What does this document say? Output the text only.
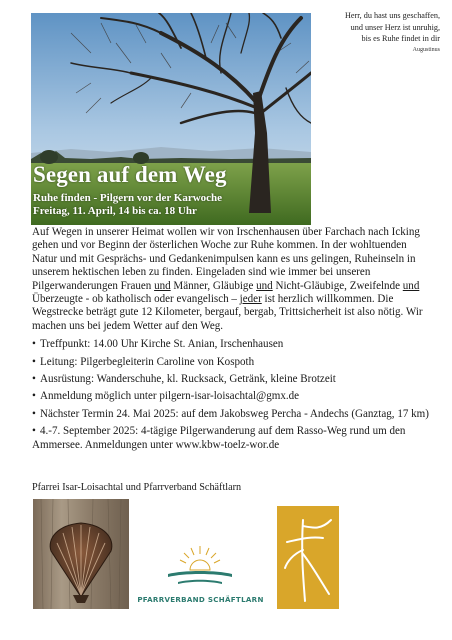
Herr, du hast uns geschaffen,
und unser Herz ist unruhig,
bis es Ruhe findet in dir
Augustinus
Segen auf dem Weg
Ruhe finden - Pilgern vor der Karwoche
Freitag, 11. April, 14 bis ca. 18 Uhr

Auf Wegen in unserer Heimat wollen wir von Irschenhausen über Farchach nach Icking gehen und vor Beginn der österlichen Woche zur Ruhe kommen. In der wohltuenden Natur und mit Gesprächs- und Gedankenimpulsen kann es uns gelingen, Ruheinseln in unserem hektischen leben zu finden. Eingeladen sind wie immer bei unseren Pilgerwanderungen Frauen und Männer, Gläubige und Nicht-Gläubige, Zweifelnde und Überzeugte - ob katholisch oder evangelisch – jeder ist herzlich willkommen. Die Wegstrecke beträgt gute 12 Kilometer, bergauf, bergab, Trittsicherheit ist also nötig. Wir machen uns bei jedem Wetter auf den Weg.

• Treffpunkt: 14.00 Uhr Kirche St. Anian, Irschenhausen
• Leitung: Pilgerbegleiterin Caroline von Kospoth
• Ausrüstung: Wanderschuhe, kl. Rucksack, Getränk, kleine Brotzeit
• Anmeldung möglich unter pilgern-isar-loisachtal@gmx.de
• Nächster Termin 24. Mai 2025: auf dem Jakobsweg Percha - Andechs (Ganztag, 17 km)
• 4.-7. September 2025: 4-tägige Pilgerwanderung auf dem Rasso-Weg rund um den Ammersee. Anmeldungen unter www.kbw-toelz-wor.de
Pfarrei Isar-Loisachtal und Pfarrverband Schäftlarn
PFARRVERBAND SCHÄFTLARN
